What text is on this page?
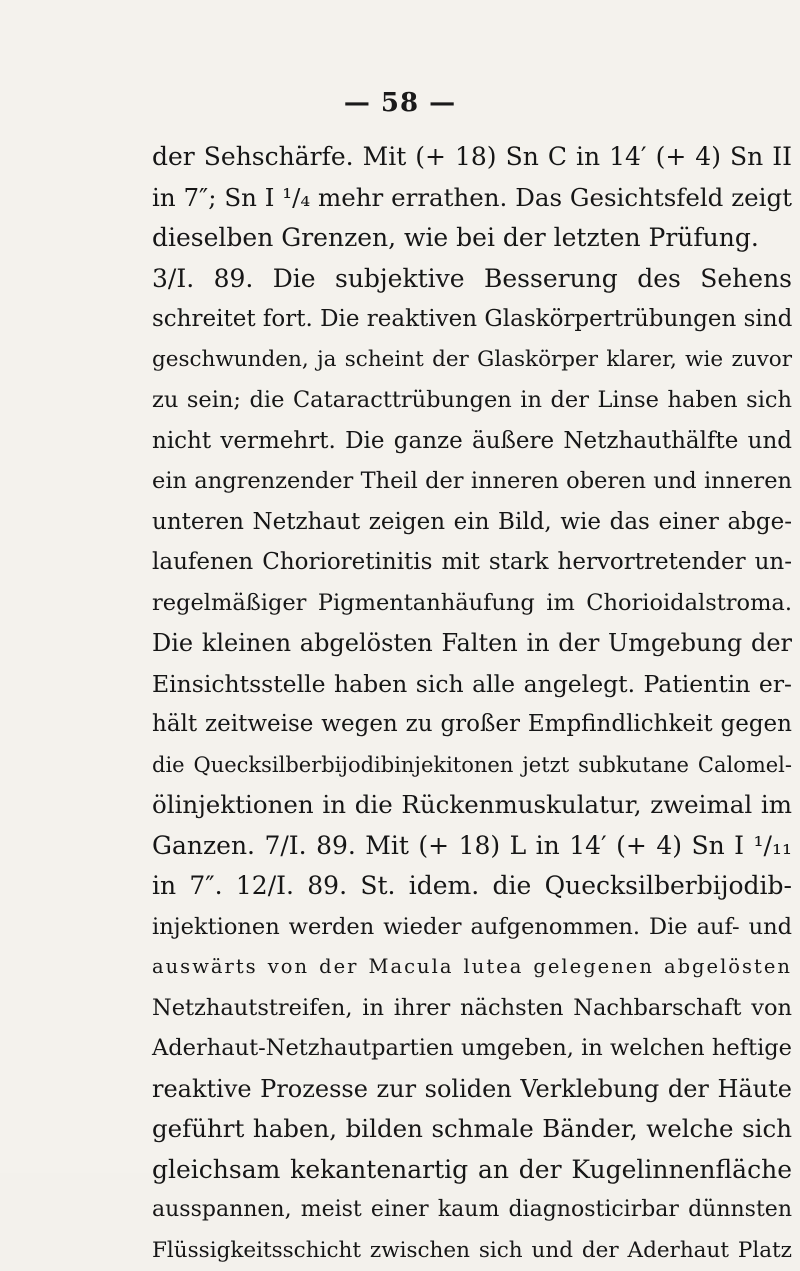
— 58 —
der Sehschärfe. Mit (+ 18) Sn C in 14′ (+ 4) Sn II
in 7″; Sn I ¹/₄ mehr errathen. Das Gesichtsfeld zeigt
dieselben Grenzen, wie bei der letzten Prüfung.
3/I. 89. Die subjektive Besserung des Sehens
schreitet fort. Die reaktiven Glaskörpertrübungen sind
geschwunden, ja scheint der Glaskörper klarer, wie zuvor
zu sein; die Cataracttrübungen in der Linse haben sich
nicht vermehrt. Die ganze äußere Netzhauthälfte und
ein angrenzender Theil der inneren oberen und inneren
unteren Netzhaut zeigen ein Bild, wie das einer abge-
laufenen Chorioretinitis mit stark hervortretender un-
regelmäßiger Pigmentanhäufung im Chorioidalstroma.
Die kleinen abgelösten Falten in der Umgebung der
Einsichtsstelle haben sich alle angelegt. Patientin er-
hält zeitweise wegen zu großer Empfindlichkeit gegen
die Quecksilberbijodibinjekitonen jetzt subkutane Calomel-
ölinjektionen in die Rückenmuskulatur, zweimal im
Ganzen. 7/I. 89. Mit (+ 18) L in 14′ (+ 4) Sn I ¹/₁₁
in 7″. 12/I. 89. St. idem. die Quecksilberbijodib-
injektionen werden wieder aufgenommen. Die auf- und
auswärts von der Macula lutea gelegenen abgelösten
Netzhautstreifen, in ihrer nächsten Nachbarschaft von
Aderhaut-Netzhautpartien umgeben, in welchen heftige
reaktive Prozesse zur soliden Verklebung der Häute
geführt haben, bilden schmale Bänder, welche sich
gleichsam kekantenartig an der Kugelinnenfläche
ausspannen, meist einer kaum diagnosticirbar dünnsten
Flüssigkeitsschicht zwischen sich und der Aderhaut Platz
